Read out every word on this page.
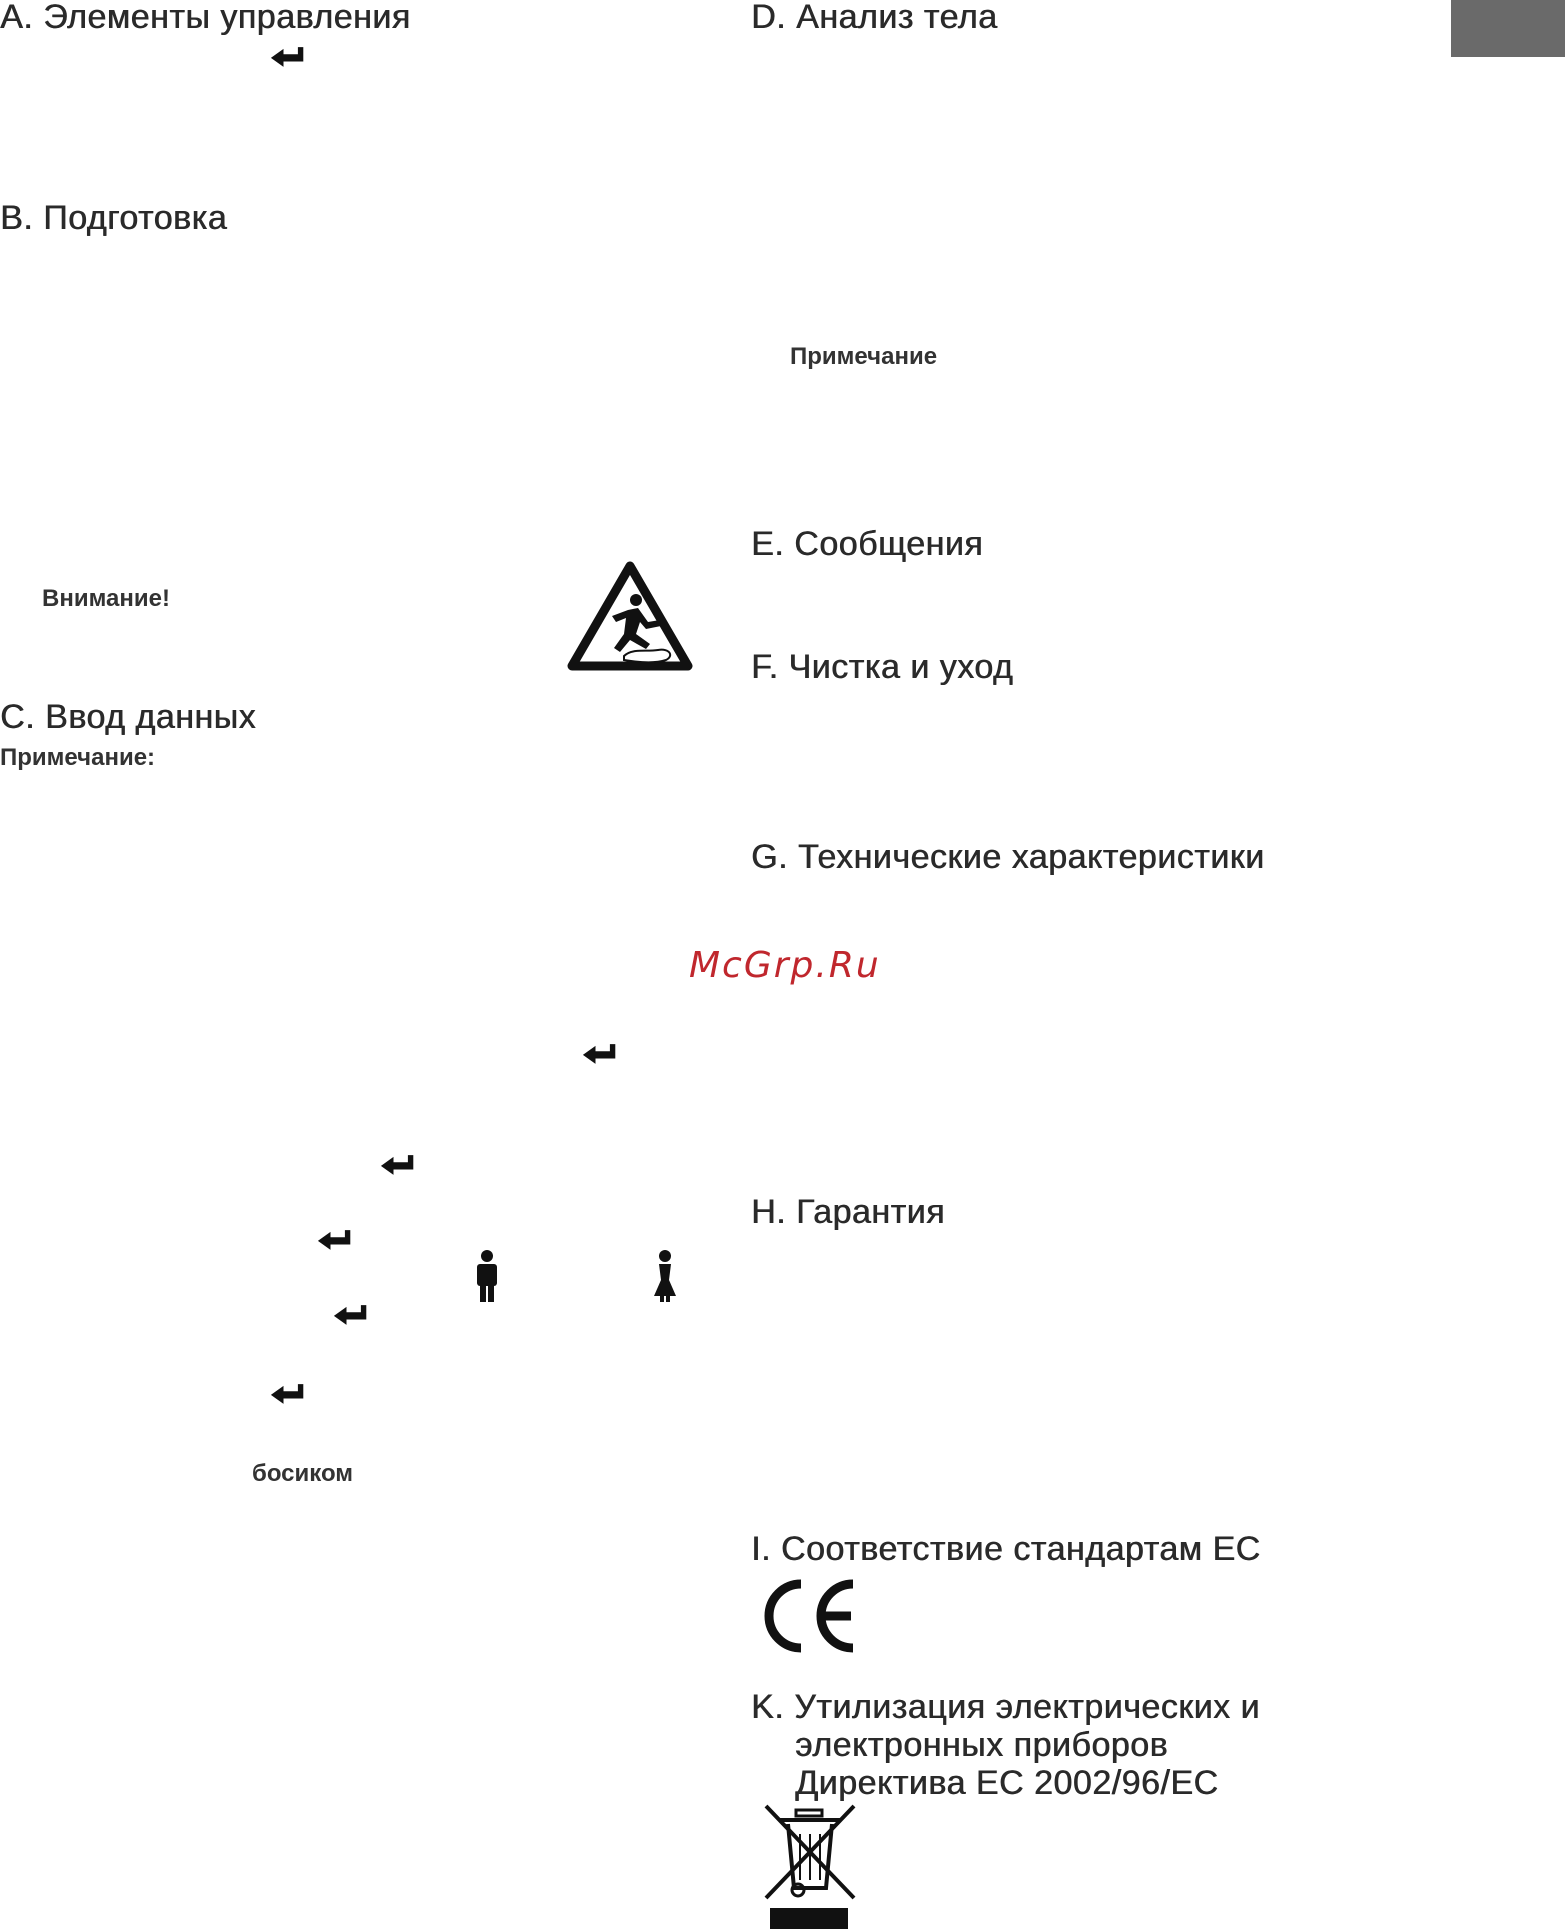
A. Элементы управления
B. Подготовка
Внимание!
C. Ввод данных
Примечание:
босиком
D. Анализ тела
Примечание
E. Сообщения
F. Чистка и уход
G. Технические характеристики
McGrp.Ru
H. Гарантия
I. Соответствие стандартам ЕС
K. Утилизация электрических и
электронных приборов
Директива ЕС 2002/96/ЕС
